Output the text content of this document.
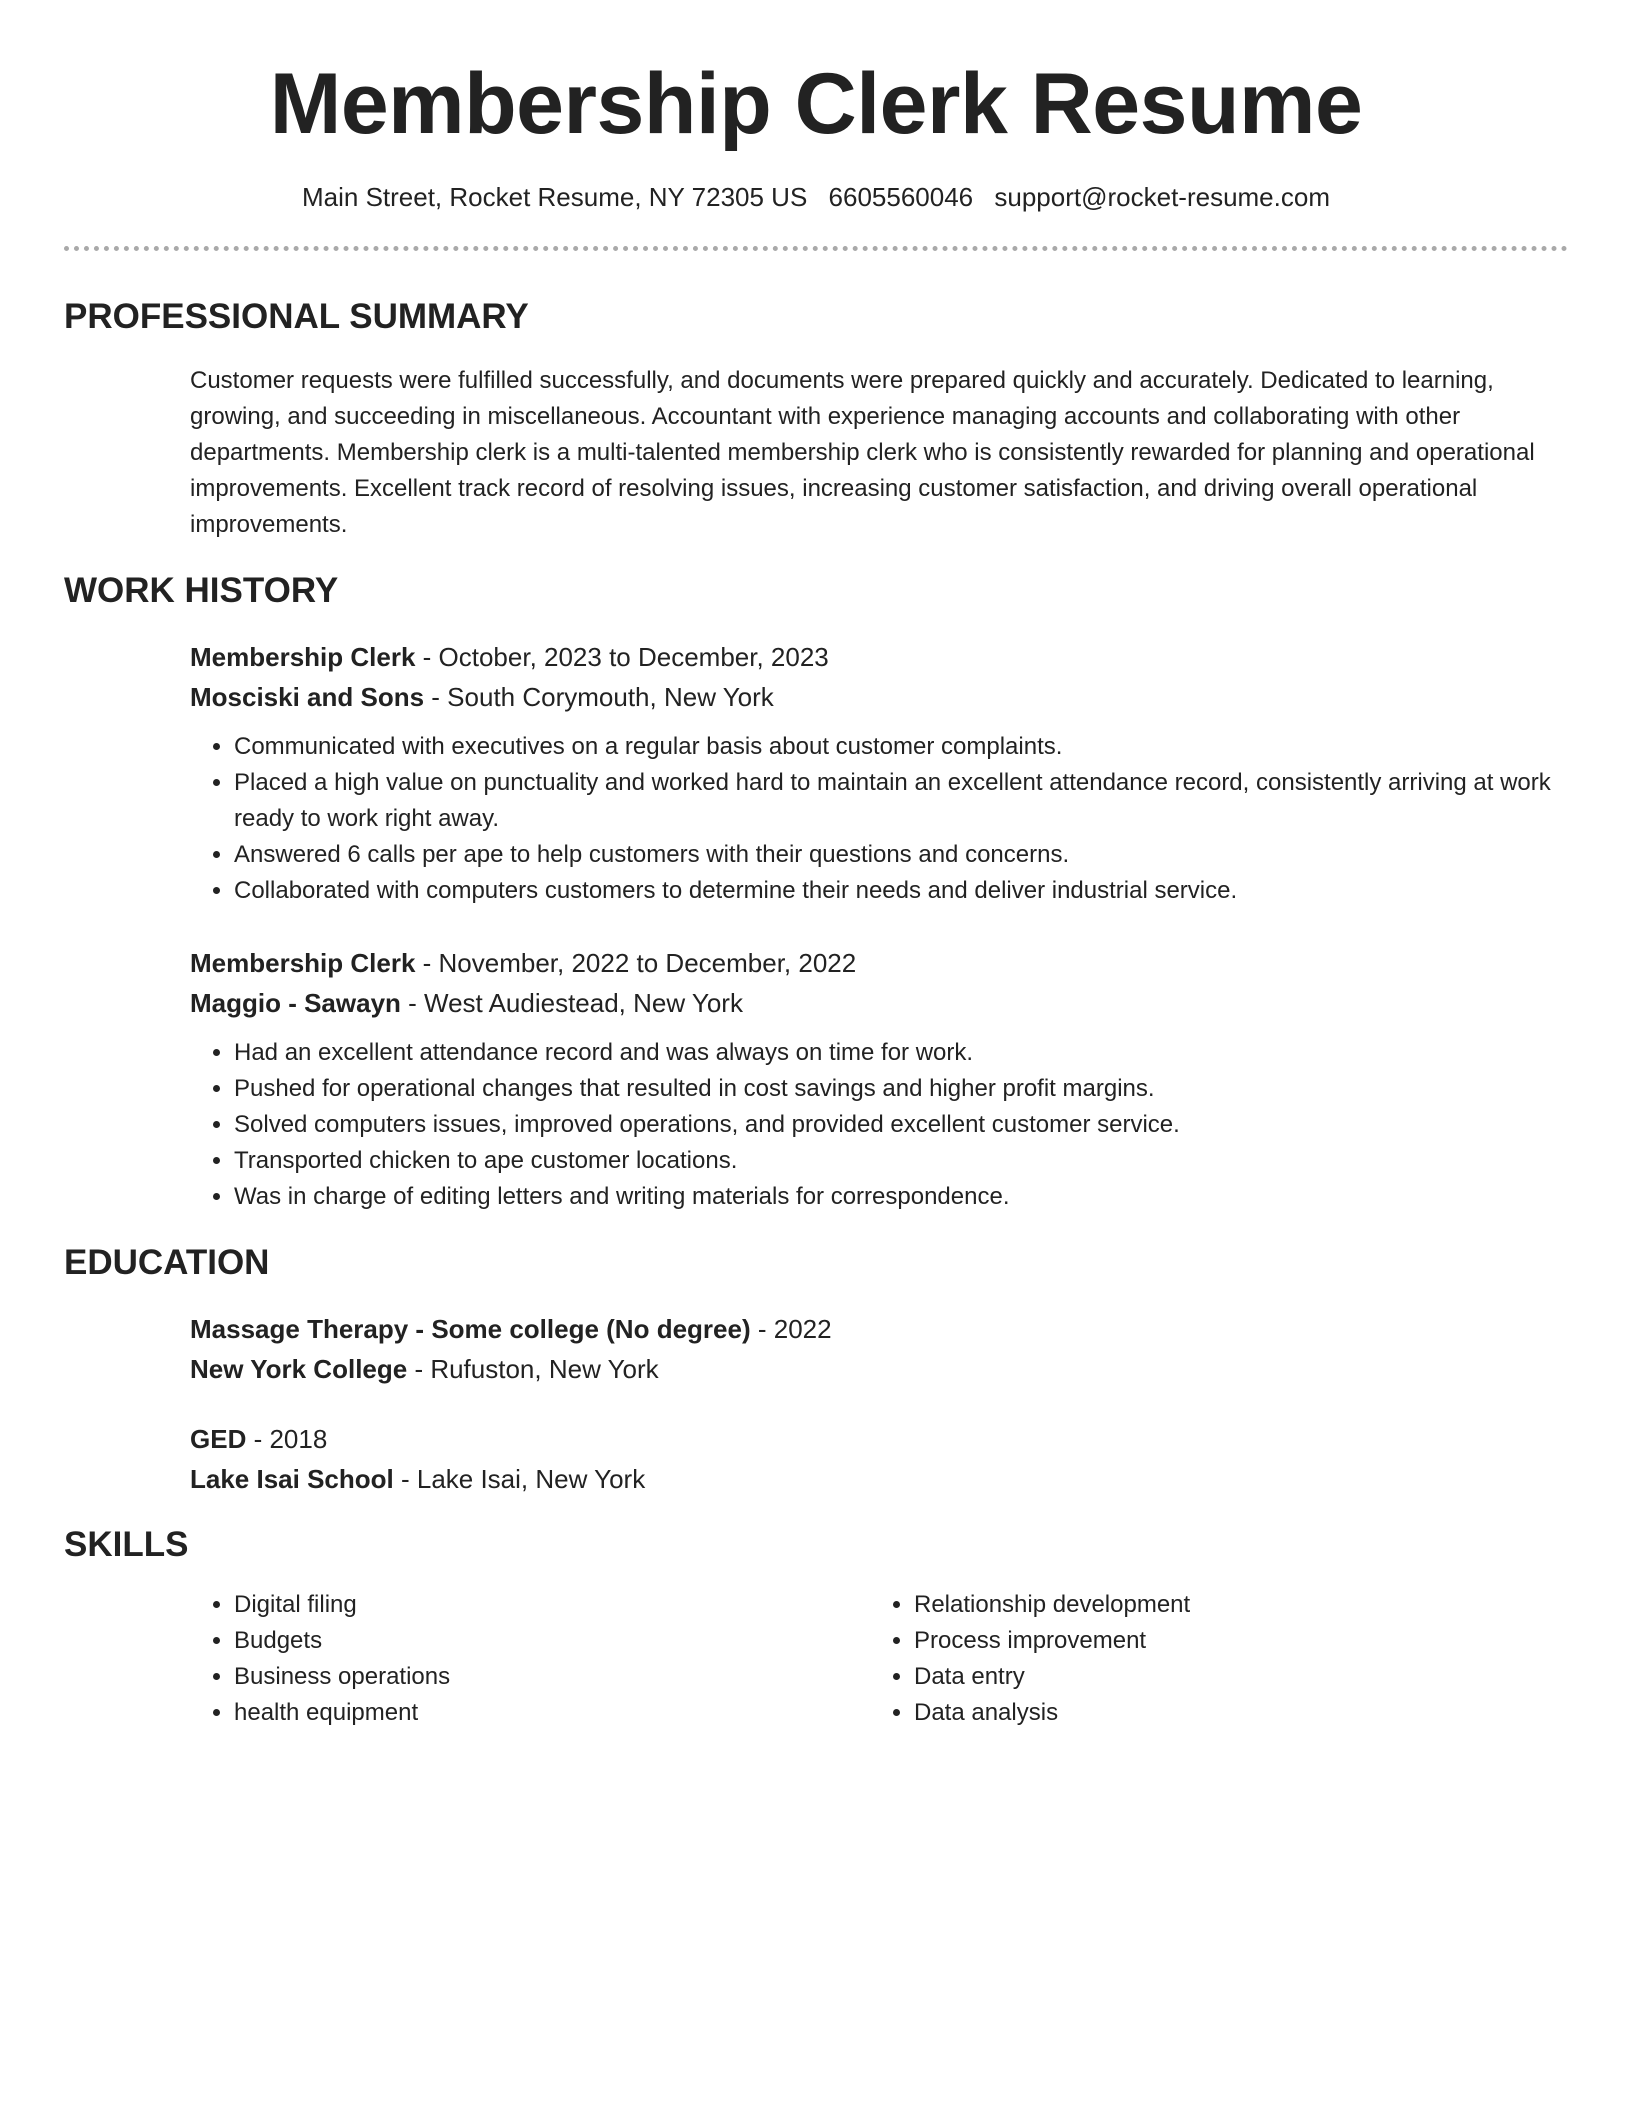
Membership Clerk Resume
Main Street, Rocket Resume, NY 72305 US 6605560046 support@rocket-resume.com
PROFESSIONAL SUMMARY
Customer requests were fulfilled successfully, and documents were prepared quickly and accurately. Dedicated to learning, growing, and succeeding in miscellaneous. Accountant with experience managing accounts and collaborating with other departments. Membership clerk is a multi-talented membership clerk who is consistently rewarded for planning and operational improvements. Excellent track record of resolving issues, increasing customer satisfaction, and driving overall operational improvements.
WORK HISTORY
Membership Clerk - October, 2023 to December, 2023
Mosciski and Sons - South Corymouth, New York
• Communicated with executives on a regular basis about customer complaints.
• Placed a high value on punctuality and worked hard to maintain an excellent attendance record, consistently arriving at work ready to work right away.
• Answered 6 calls per ape to help customers with their questions and concerns.
• Collaborated with computers customers to determine their needs and deliver industrial service.
Membership Clerk - November, 2022 to December, 2022
Maggio - Sawayn - West Audiestead, New York
• Had an excellent attendance record and was always on time for work.
• Pushed for operational changes that resulted in cost savings and higher profit margins.
• Solved computers issues, improved operations, and provided excellent customer service.
• Transported chicken to ape customer locations.
• Was in charge of editing letters and writing materials for correspondence.
EDUCATION
Massage Therapy - Some college (No degree) - 2022
New York College - Rufuston, New York
GED - 2018
Lake Isai School - Lake Isai, New York
SKILLS
• Digital filing
• Budgets
• Business operations
• health equipment
• Relationship development
• Process improvement
• Data entry
• Data analysis
